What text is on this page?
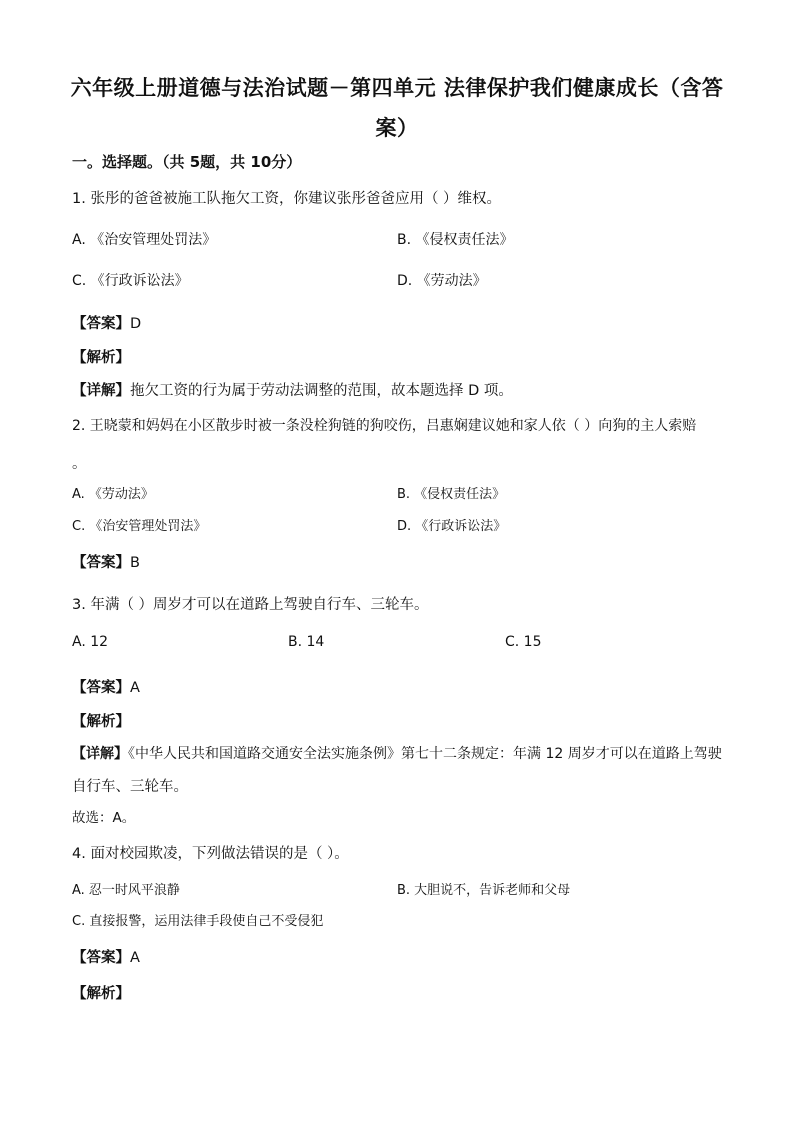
六年级上册道德与法治试题－第四单元 法律保护我们健康成长（含答
案）
一。选择题。（共 5题，共 10分）
1. 张彤的爸爸被施工队拖欠工资，你建议张彤爸爸应用（ ）维权。
A. 《治安管理处罚法》	B. 《侵权责任法》
C. 《行政诉讼法》	D. 《劳动法》
【答案】D
【解析】
【详解】拖欠工资的行为属于劳动法调整的范围，故本题选择 D 项。
2. 王晓蒙和妈妈在小区散步时被一条没栓狗链的狗咬伤，吕惠娴建议她和家人依（ ）向狗的主人索赔
。
A. 《劳动法》	B. 《侵权责任法》
C. 《治安管理处罚法》	D. 《行政诉讼法》
【答案】B
3. 年满（ ）周岁才可以在道路上驾驶自行车、三轮车。
A. 12	B. 14	C. 15
【答案】A
【解析】
【详解】《中华人民共和国道路交通安全法实施条例》第七十二条规定：年满 12 周岁才可以在道路上驾驶
自行车、三轮车。
故选：A。
4. 面对校园欺凌，下列做法错误的是（ ）。
A. 忍一时风平浪静	B. 大胆说不，告诉老师和父母
C. 直接报警，运用法律手段使自己不受侵犯
【答案】A
【解析】
